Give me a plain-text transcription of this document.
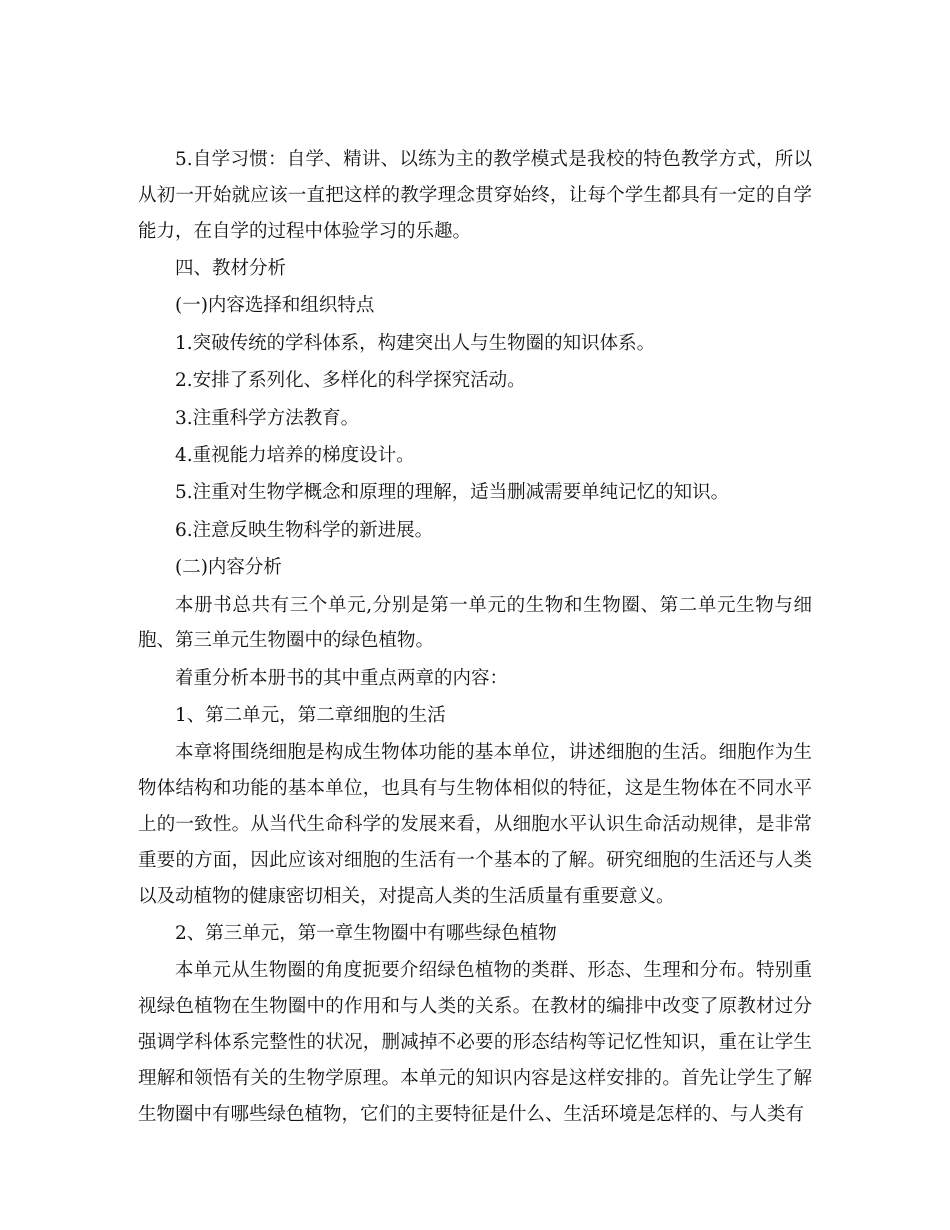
5.自学习惯：自学、精讲、以练为主的教学模式是我校的特色教学方式，所以从初一开始就应该一直把这样的教学理念贯穿始终，让每个学生都具有一定的自学能力，在自学的过程中体验学习的乐趣。

四、教材分析

(一)内容选择和组织特点

1.突破传统的学科体系，构建突出人与生物圈的知识体系。

2.安排了系列化、多样化的科学探究活动。

3.注重科学方法教育。

4.重视能力培养的梯度设计。

5.注重对生物学概念和原理的理解，适当删减需要单纯记忆的知识。

6.注意反映生物科学的新进展。

(二)内容分析

本册书总共有三个单元,分别是第一单元的生物和生物圈、第二单元生物与细胞、第三单元生物圈中的绿色植物。

着重分析本册书的其中重点两章的内容：

1、第二单元，第二章细胞的生活

本章将围绕细胞是构成生物体功能的基本单位，讲述细胞的生活。细胞作为生物体结构和功能的基本单位，也具有与生物体相似的特征，这是生物体在不同水平上的一致性。从当代生命科学的发展来看，从细胞水平认识生命活动规律，是非常重要的方面，因此应该对细胞的生活有一个基本的了解。研究细胞的生活还与人类以及动植物的健康密切相关，对提高人类的生活质量有重要意义。

2、第三单元，第一章生物圈中有哪些绿色植物

本单元从生物圈的角度扼要介绍绿色植物的类群、形态、生理和分布。特别重视绿色植物在生物圈中的作用和与人类的关系。在教材的编排中改变了原教材过分强调学科体系完整性的状况，删减掉不必要的形态结构等记忆性知识，重在让学生理解和领悟有关的生物学原理。本单元的知识内容是这样安排的。首先让学生了解生物圈中有哪些绿色植物，它们的主要特征是什么、生活环境是怎样的、与人类有
